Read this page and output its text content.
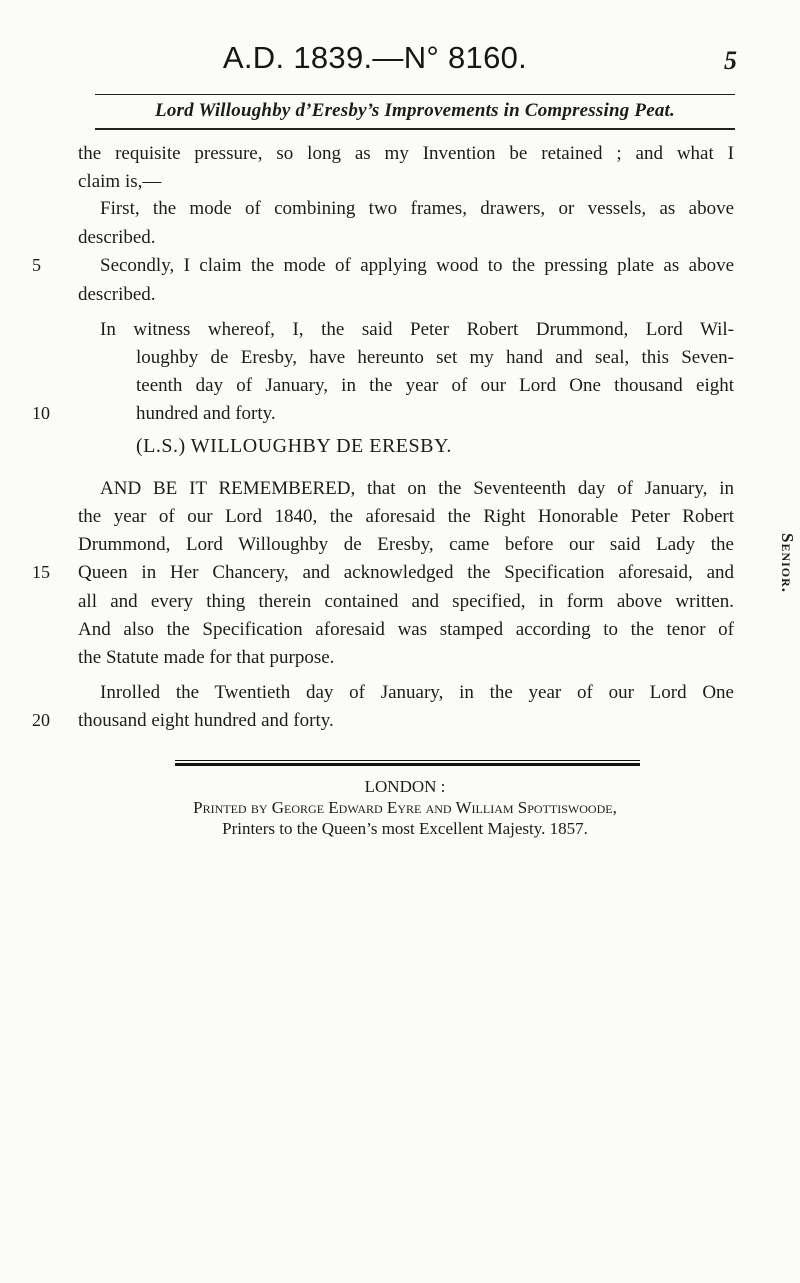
A.D. 1839.—N° 8160.	5
Lord Willoughby d’Eresby’s Improvements in Compressing Peat.
the requisite pressure, so long as my Invention be retained ; and what I
claim is,—
First, the mode of combining two frames, drawers, or vessels, as above
described.
Secondly, I claim the mode of applying wood to the pressing plate as above
described.
In witness whereof, I, the said Peter Robert Drummond, Lord Wil-
loughby de Eresby, have hereunto set my hand and seal, this Seven-
teenth day of January, in the year of our Lord One thousand eight
hundred and forty.
(L.S.) WILLOUGHBY DE ERESBY.
AND BE IT REMEMBERED, that on the Seventeenth day of January, in
the year of our Lord 1840, the aforesaid the Right Honorable Peter Robert
Drummond, Lord Willoughby de Eresby, came before our said Lady the
Queen in Her Chancery, and acknowledged the Specification aforesaid, and
all and every thing therein contained and specified, in form above written.
And also the Specification aforesaid was stamped according to the tenor of
the Statute made for that purpose.
Inrolled the Twentieth day of January, in the year of our Lord One
thousand eight hundred and forty.
5
10
15
20
Senior.
LONDON :
Printed by George Edward Eyre and William Spottiswoode,
Printers to the Queen’s most Excellent Majesty. 1857.
